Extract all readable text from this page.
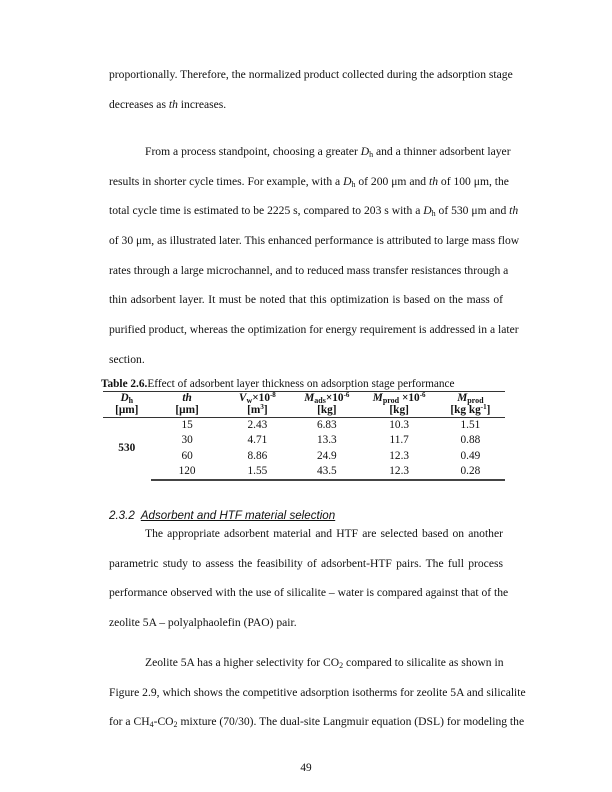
proportionally. Therefore, the normalized product collected during the adsorption stage
decreases as th increases.
From a process standpoint, choosing a greater $D_h$ and a thinner adsorbent layer
results in shorter cycle times. For example, with a $D_h$ of 200 μm and th of 100 μm, the
total cycle time is estimated to be 2225 s, compared to 203 s with a $D_h$ of 530 μm and th
of 30 μm, as illustrated later. This enhanced performance is attributed to large mass flow
rates through a large microchannel, and to reduced mass transfer resistances through a
thin adsorbent layer. It must be noted that this optimization is based on the mass of
purified product, whereas the optimization for energy requirement is addressed in a later
section.
Table 2.6.Effect of adsorbent layer thickness on adsorption stage performance
$D_h$	th	$V_w\times 10^{-8}$	$M_{ads}\times 10^{-6}$	$M_{prod} \times 10^{-6}$	$M_{prod}$
[μm]	[μm]	$[m^3]$	[kg]	[kg]	[kg $kg^{-1}$]
530	15	2.43	6.83	10.3	1.51
	30	4.71	13.3	11.7	0.88
	60	8.86	24.9	12.3	0.49
	120	1.55	43.5	12.3	0.28
2.3.2 Adsorbent and HTF material selection
The appropriate adsorbent material and HTF are selected based on another
parametric study to assess the feasibility of adsorbent-HTF pairs. The full process
performance observed with the use of silicalite – water is compared against that of the
zeolite 5A – polyalphaolefin (PAO) pair.
Zeolite 5A has a higher selectivity for $CO_2$ compared to silicalite as shown in
Figure 2.9, which shows the competitive adsorption isotherms for zeolite 5A and silicalite
for a $CH_4-CO_2$ mixture (70/30). The dual-site Langmuir equation (DSL) for modeling the
49
